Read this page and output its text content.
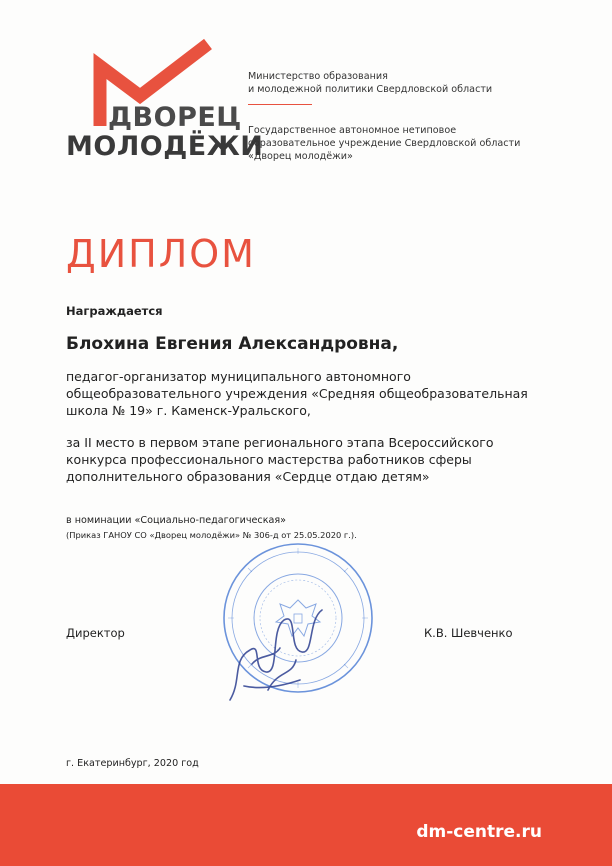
ДВОРЕЦ
МОЛОДЁЖИ
Министерство образования
и молодежной политики Свердловской области
Государственное автономное нетиповое
образовательное учреждение Свердловской области
«Дворец молодёжи»
ДИПЛОМ
Награждается
Блохина Евгения Александровна,
педагог-организатор муниципального автономного
общеобразовательного учреждения «Средняя общеобразовательная
школа № 19» г. Каменск-Уральского,
за II место в первом этапе регионального этапа Всероссийского
конкурса профессионального мастерства работников сферы
дополнительного образования «Сердце отдаю детям»
в номинации «Социально-педагогическая»
(Приказ ГАНОУ СО «Дворец молодёжи» № 306-д от 25.05.2020 г.).
Директор	К.В. Шевченко
г. Екатеринбург, 2020 год
dm-centre.ru
